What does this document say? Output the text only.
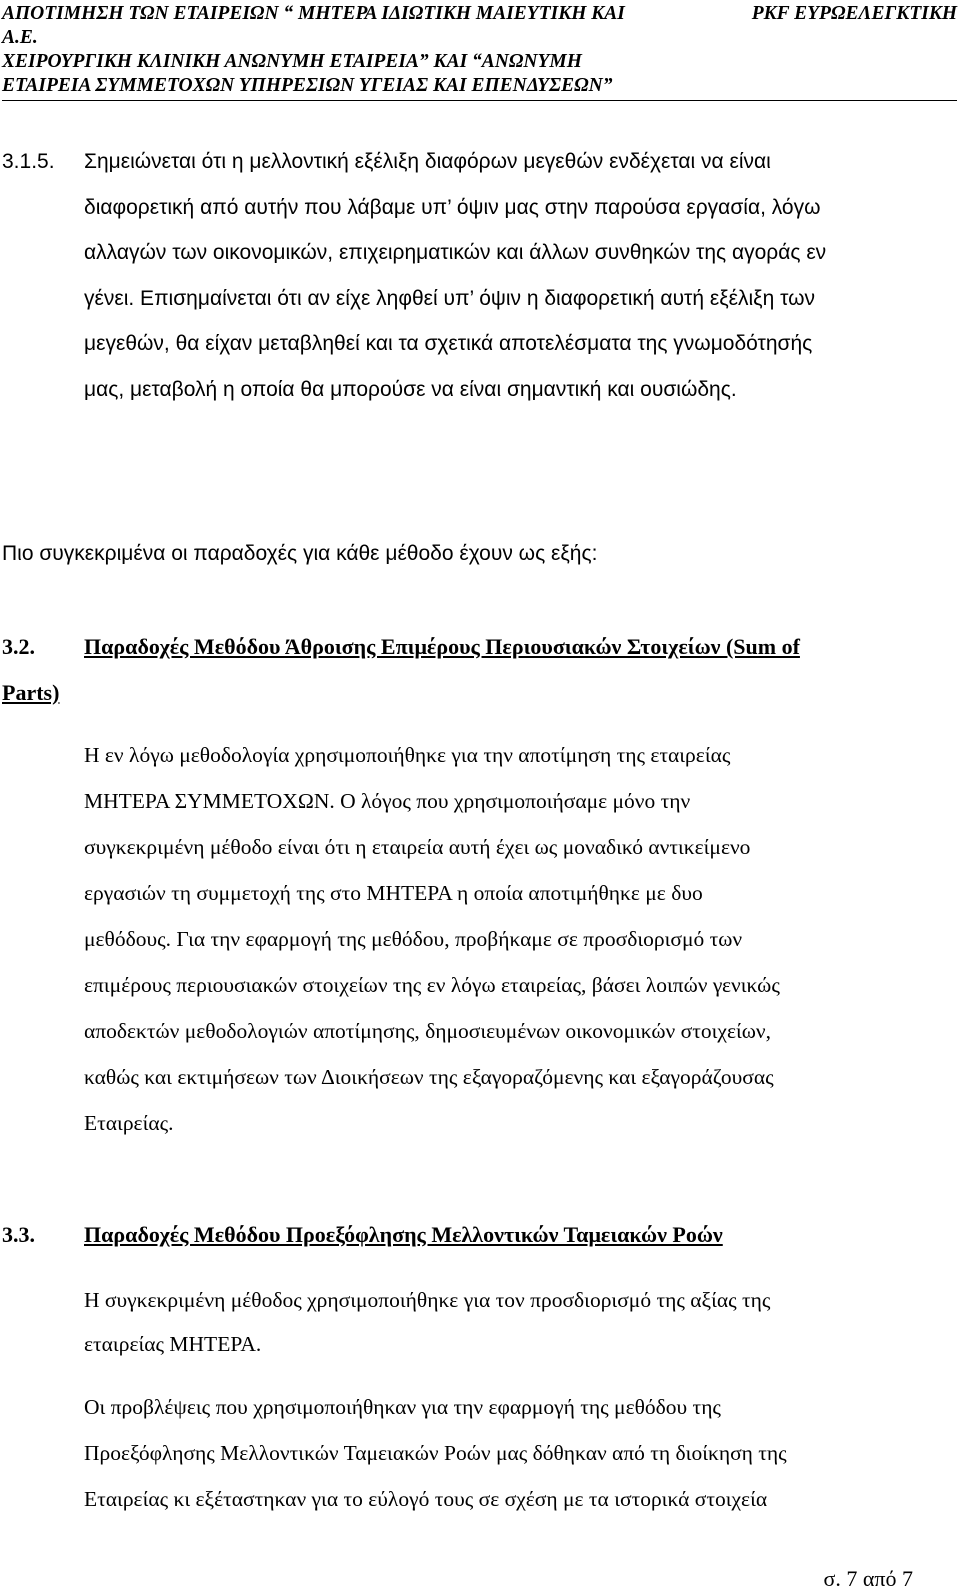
ΑΠΟΤΙΜΗΣΗ ΤΩΝ ΕΤΑΙΡΕΙΩΝ “ ΜΗΤΕΡΑ ΙΔΙΩΤΙΚΗ ΜΑΙΕΥΤΙΚΗ ΚΑΙ	PKF ΕΥΡΩΕΛΕΓΚΤΙΚΗ
Α.Ε.
ΧΕΙΡΟΥΡΓΙΚΗ ΚΛΙΝΙΚΗ ΑΝΩΝΥΜΗ ΕΤΑΙΡΕΙΑ” ΚΑΙ “ΑΝΩΝΥΜΗ
ΕΤΑΙΡΕΙΑ ΣΥΜΜΕΤΟΧΩΝ ΥΠΗΡΕΣΙΩΝ ΥΓΕΙΑΣ ΚΑΙ ΕΠΕΝΔΥΣΕΩΝ”
3.1.5. Σημειώνεται ότι η μελλοντική εξέλιξη διαφόρων μεγεθών ενδέχεται να είναι
διαφορετική από αυτήν που λάβαμε υπ’ όψιν μας στην παρούσα εργασία, λόγω
αλλαγών των οικονομικών, επιχειρηματικών και άλλων συνθηκών της αγοράς εν
γένει. Επισημαίνεται ότι αν είχε ληφθεί υπ’ όψιν η διαφορετική αυτή εξέλιξη των
μεγεθών, θα είχαν μεταβληθεί και τα σχετικά αποτελέσματα της γνωμοδότησής
μας, μεταβολή η οποία θα μπορούσε να είναι σημαντική και ουσιώδης.
Πιο συγκεκριμένα οι παραδοχές για κάθε μέθοδο έχουν ως εξής:
3.2. Παραδοχές Μεθόδου Άθροισης Επιμέρους Περιουσιακών Στοιχείων (Sum of
Parts)
Η εν λόγω μεθοδολογία χρησιμοποιήθηκε για την αποτίμηση της εταιρείας
ΜΗΤΕΡΑ ΣΥΜΜΕΤΟΧΩΝ. Ο λόγος που χρησιμοποιήσαμε μόνο την
συγκεκριμένη μέθοδο είναι ότι η εταιρεία αυτή έχει ως μοναδικό αντικείμενο
εργασιών τη συμμετοχή της στο ΜΗΤΕΡΑ η οποία αποτιμήθηκε με δυο
μεθόδους. Για την εφαρμογή της μεθόδου, προβήκαμε σε προσδιορισμό των
επιμέρους περιουσιακών στοιχείων της εν λόγω εταιρείας, βάσει λοιπών γενικώς
αποδεκτών μεθοδολογιών αποτίμησης, δημοσιευμένων οικονομικών στοιχείων,
καθώς και εκτιμήσεων των Διοικήσεων της εξαγοραζόμενης και εξαγοράζουσας
Εταιρείας.
3.3. Παραδοχές Μεθόδου Προεξόφλησης Μελλοντικών Ταμειακών Ροών
Η συγκεκριμένη μέθοδος χρησιμοποιήθηκε για τον προσδιορισμό της αξίας της
εταιρείας ΜΗΤΕΡΑ.
Οι προβλέψεις που χρησιμοποιήθηκαν για την εφαρμογή της μεθόδου της
Προεξόφλησης Μελλοντικών Ταμειακών Ροών μας δόθηκαν από τη διοίκηση της
Εταιρείας κι εξέταστηκαν για το εύλογό τους σε σχέση με τα ιστορικά στοιχεία
σ. 7 από 7
